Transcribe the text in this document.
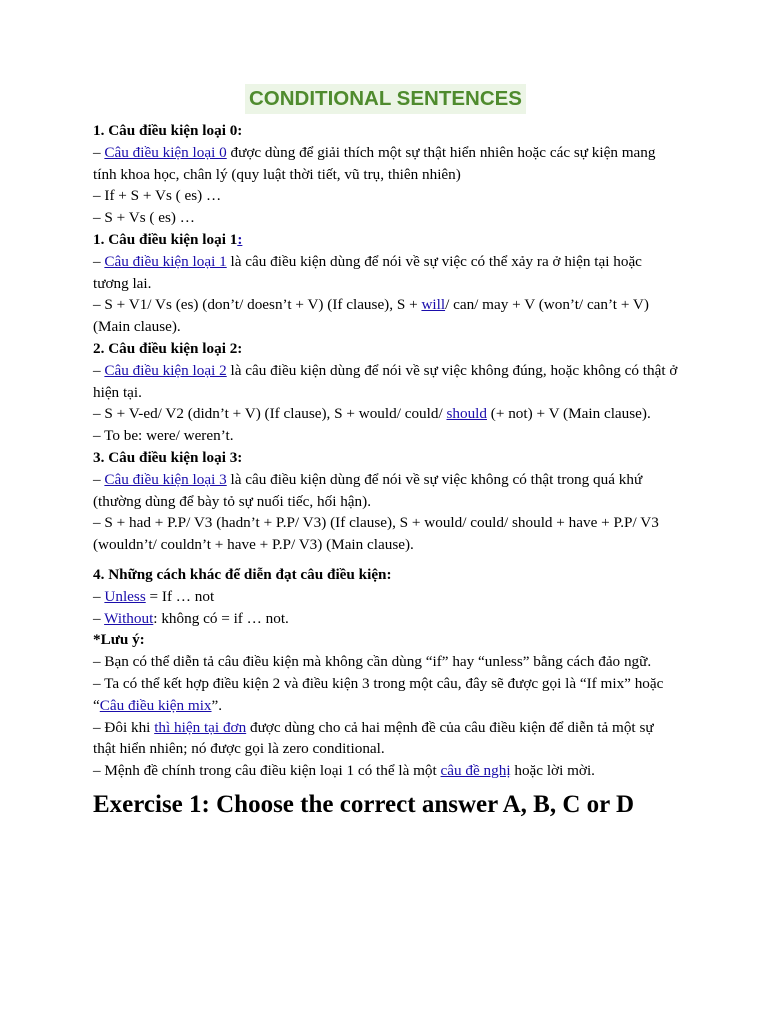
CONDITIONAL SENTENCES

1. Câu điều kiện loại 0:

– Câu điều kiện loại 0 được dùng để giải thích một sự thật hiển nhiên hoặc các sự kiện mang tính khoa học, chân lý (quy luật thời tiết, vũ trụ, thiên nhiên)

– If + S + Vs ( es) …

– S + Vs ( es) …

1. Câu điều kiện loại 1:

– Câu điều kiện loại 1 là câu điều kiện dùng để nói về sự việc có thể xảy ra ở hiện tại hoặc tương lai.

– S + V1/ Vs (es) (don’t/ doesn’t + V) (If clause), S + will/ can/ may + V (won’t/ can’t + V) (Main clause).

2. Câu điều kiện loại 2:

– Câu điều kiện loại 2 là câu điều kiện dùng để nói về sự việc không đúng, hoặc không có thật ở hiện tại.

– S + V-ed/ V2 (didn’t + V) (If clause), S + would/ could/ should (+ not) + V (Main clause).

– To be: were/ weren’t.

3. Câu điều kiện loại 3:

– Câu điều kiện loại 3 là câu điều kiện dùng để nói về sự việc không có thật trong quá khứ (thường dùng để bày tỏ sự nuối tiếc, hối hận).

– S + had + P.P/ V3 (hadn’t + P.P/ V3) (If clause), S + would/ could/ should + have + P.P/ V3 (wouldn’t/ couldn’t + have + P.P/ V3) (Main clause).

4. Những cách khác để diễn đạt câu điều kiện:

– Unless = If … not

– Without: không có = if … not.

*Lưu ý:

– Bạn có thể diễn tả câu điều kiện mà không cần dùng “if” hay “unless” bằng cách đảo ngữ.

– Ta có thể kết hợp điều kiện 2 và điều kiện 3 trong một câu, đây sẽ được gọi là “If mix” hoặc “Câu điều kiện mix”.

– Đôi khi thì hiện tại đơn được dùng cho cả hai mệnh đề của câu điều kiện để diễn tả một sự thật hiển nhiên; nó được gọi là zero conditional.

– Mệnh đề chính trong câu điều kiện loại 1 có thể là một câu đề nghị hoặc lời mời.

Exercise 1: Choose the correct answer A, B, C or D
